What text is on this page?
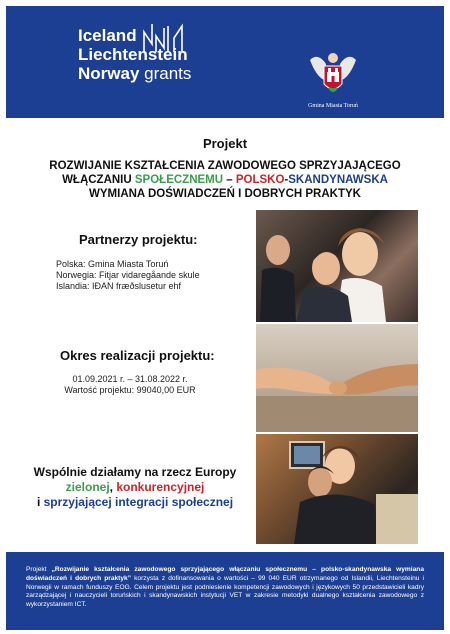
Iceland
Liechtenstein
Norway grants
Gmina Miasta Toruń
Projekt
ROZWIJANIE KSZTAŁCENIA ZAWODOWEGO SPRZYJAJĄCEGO
WŁĄCZANIU SPOŁECZNEMU – POLSKO-SKANDYNAWSKA
WYMIANA DOŚWIADCZEŃ I DOBRYCH PRAKTYK
Partnerzy projektu:
Polska: Gmina Miasta Toruń
Norwegia: Fitjar vidaregåande skule
Islandia: IÐAN fræðslusetur ehf
Okres realizacji projektu:
01.09.2021 r. – 31.08.2022 r.
Wartość projektu: 99040,00 EUR
Wspólnie działamy na rzecz Europy
zielonej, konkurencyjnej
i sprzyjającej integracji społecznej
Projekt „Rozwijanie kształcenia zawodowego sprzyjającego włączaniu społecznemu – polsko-skandynawska wymiana doświadczeń i dobrych praktyk” korzysta z dofinansowania o wartości – 99 040 EUR otrzymanego od Islandii, Liechtensteinu i Norwegii w ramach funduszy EOG. Celem projektu jest podniesienie kompetencji zawodowych i językowych 50 przedstawicieli kadry zarządzającej i nauczycieli toruńskich i skandynawskich instytucji VET w zakresie metodyki dualnego kształcenia zawodowego z wykorzystaniem ICT.
